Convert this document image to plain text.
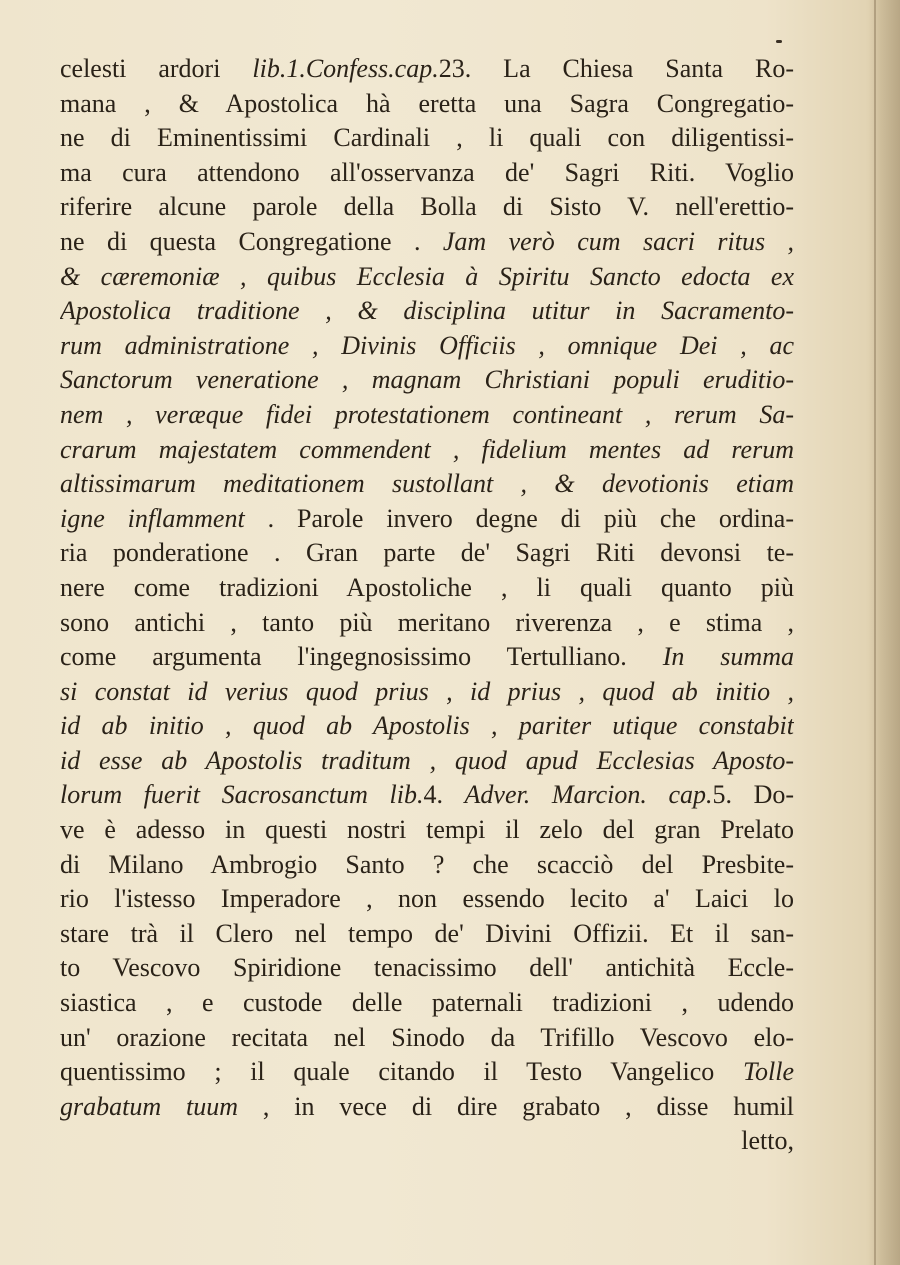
celesti ardori lib.1.Confess.cap.23. La Chiesa Santa Ro-
mana , & Apostolica hà eretta una Sagra Congregatio-
ne di Eminentissimi Cardinali , li quali con diligentissi-
ma cura attendono all'osservanza de' Sagri Riti. Voglio
riferire alcune parole della Bolla di Sisto V. nell'erettio-
ne di questa Congregatione . Jam verò cum sacri ritus ,
& cæremoniæ , quibus Ecclesia à Spiritu Sancto edocta ex
Apostolica traditione , & disciplina utitur in Sacramento-
rum administratione , Divinis Officiis , omnique Dei , ac
Sanctorum veneratione , magnam Christiani populi eruditio-
nem , veræque fidei protestationem contineant , rerum Sa-
crarum majestatem commendent , fidelium mentes ad rerum
altissimarum meditationem sustollant , & devotionis etiam
igne inflamment . Parole invero degne di più che ordina-
ria ponderatione . Gran parte de' Sagri Riti devonsi te-
nere come tradizioni Apostoliche , li quali quanto più
sono antichi , tanto più meritano riverenza , e stima ,
come argumenta l'ingegnosissimo Tertulliano. In summa
si constat id verius quod prius , id prius , quod ab initio ,
id ab initio , quod ab Apostolis , pariter utique constabit
id esse ab Apostolis traditum , quod apud Ecclesias Aposto-
lorum fuerit Sacrosanctum lib.4. Adver. Marcion. cap.5. Do-
ve è adesso in questi nostri tempi il zelo del gran Prelato
di Milano Ambrogio Santo ? che scacciò del Presbite-
rio l'istesso Imperadore , non essendo lecito a' Laici lo
stare trà il Clero nel tempo de' Divini Offizii. Et il san-
to Vescovo Spiridione tenacissimo dell' antichità Eccle-
siastica , e custode delle paternali tradizioni , udendo
un' orazione recitata nel Sinodo da Trifillo Vescovo elo-
quentissimo ; il quale citando il Testo Vangelico Tolle
grabatum tuum , in vece di dire grabato , disse humil
letto,
